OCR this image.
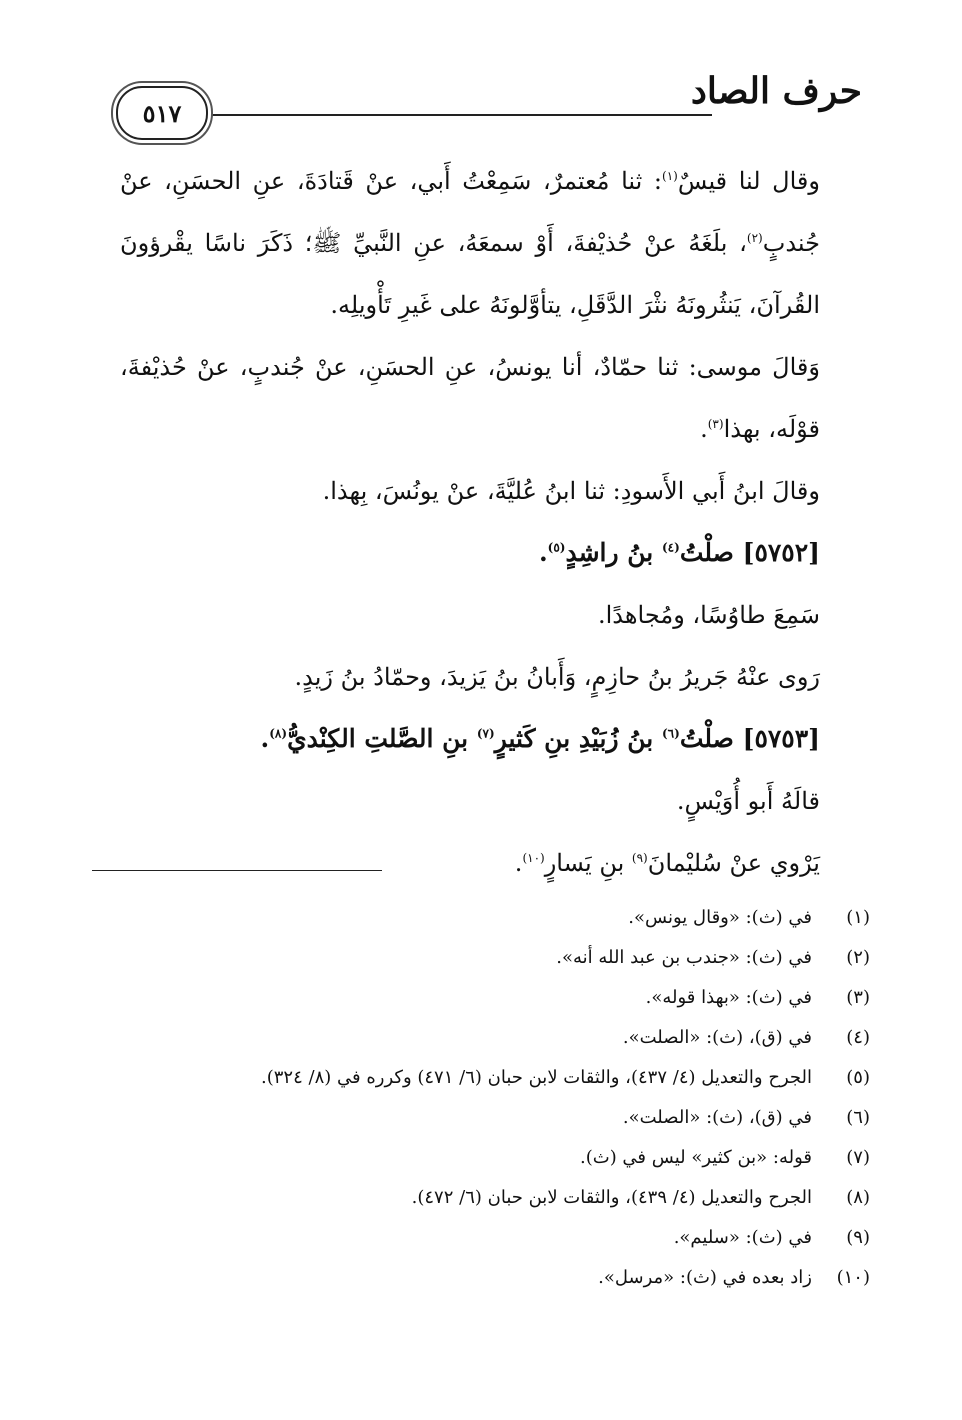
حرف الصاد
٥١٧

وقال لنا قيسٌ$^{(١)}$: ثنا مُعتمرٌ، سَمِعْتُ أَبي، عنْ قَتادَةَ، عنِ الحسَنِ، عنْ جُندبٍ$^{(٢)}$، بلَغَهُ عنْ حُذيْفةَ، أَوْ سمعَهُ، عنِ النَّبيِّ ﷺ؛ ذَكَرَ ناسًا يقْرؤونَ القُرآنَ، يَنثُرونَهُ نثْرَ الدَّقَلِ، يتأوَّلونَهُ على غَيرِ تَأْويلِه.

وَقالَ موسى: ثنا حمّادٌ، أنا يونسُ، عنِ الحسَنِ، عنْ جُندبٍ، عنْ حُذيْفةَ، قوْلَه، بهذا$^{(٣)}$.

وقالَ ابنُ أَبي الأَسودِ: ثنا ابنُ عُليَّةَ، عنْ يونُسَ، بِهذا.

[٥٧٥٢] صلْتُ$^{(٤)}$ بنُ راشِدٍ$^{(٥)}$.

سَمِعَ طاوُسًا، ومُجاهدًا.

رَوى عنْهُ جَريرُ بنُ حازِمٍ، وَأَبانُ بنُ يَزيدَ، وحمّادُ بنُ زَيدٍ.

[٥٧٥٣] صلْتُ$^{(٦)}$ بنُ زُبَيْدِ بنِ كَثيرٍ$^{(٧)}$ بنِ الصَّلتِ الكِنْديُّ$^{(٨)}$.

قالَهُ أَبو أُوَيْسٍ.

يَرْوي عنْ سُليْمانَ$^{(٩)}$ بنِ يَسارٍ$^{(١٠)}$.

(١)
في (ث): «وقال يونس».
(٢)
في (ث): «جندب بن عبد الله أنه».
(٣)
في (ث): «بهذا قوله».
(٤)
في (ق)، (ث): «الصلت».
(٥)
الجرح والتعديل (٤/ ٤٣٧)، والثقات لابن حبان (٦/ ٤٧١) وكرره في (٨/ ٣٢٤).
(٦)
في (ق)، (ث): «الصلت».
(٧)
قوله: «بن كثير» ليس في (ث).
(٨)
الجرح والتعديل (٤/ ٤٣٩)، والثقات لابن حبان (٦/ ٤٧٢).
(٩)
في (ث): «سليم».
(١٠)
زاد بعده في (ث): «مرسل».
